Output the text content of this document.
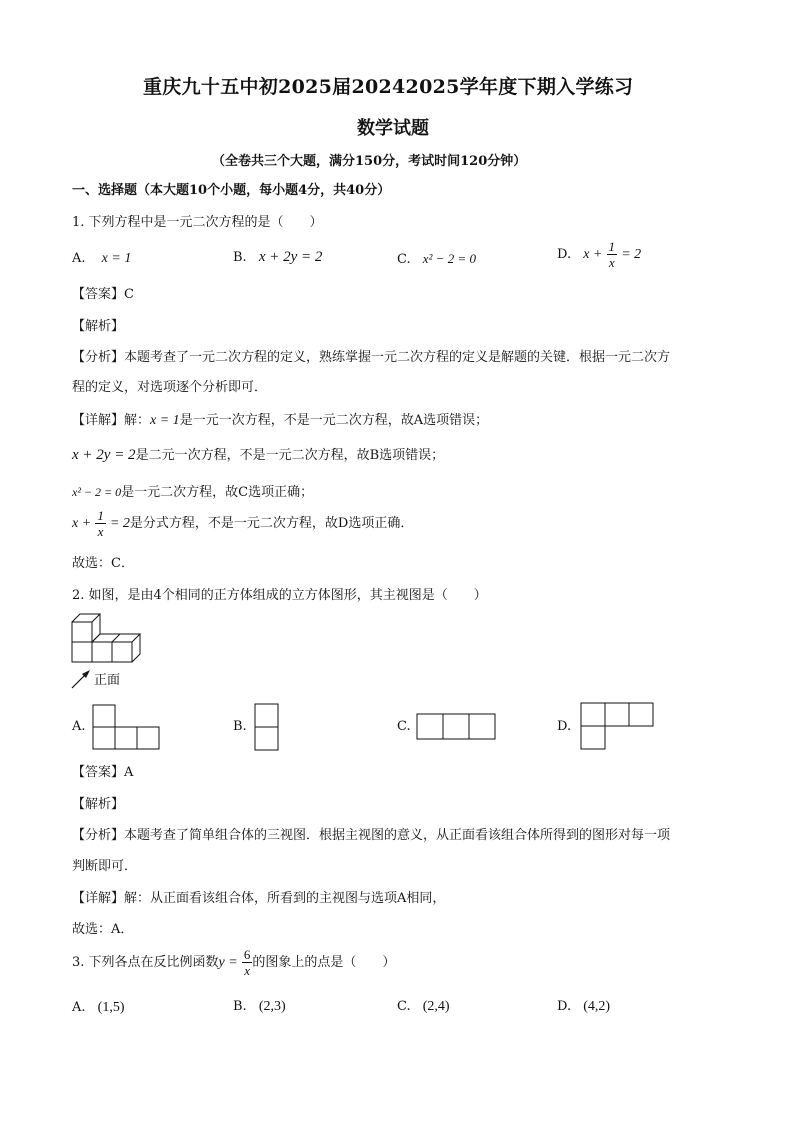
重庆九十五中初2025届20242025学年度下期入学练习
数学试题
（全卷共三个大题，满分150分，考试时间120分钟）
一、选择题（本大题10个小题，每小题4分，共40分）
1. 下列方程中是一元二次方程的是（　　）
A. x = 1	B. x + 2y = 2	C. x² − 2 = 0	D. $x + \frac{1}{x} = 2$
【答案】C
【解析】
【分析】本题考查了一元二次方程的定义，熟练掌握一元二次方程的定义是解题的关键．根据一元二次方
程的定义，对选项逐个分析即可．
【详解】解：x = 1是一元一次方程，不是一元二次方程，故A选项错误；
x + 2y = 2是二元一次方程，不是一元二次方程，故B选项错误；
x² − 2 = 0是一元二次方程，故C选项正确；
$x + \frac{1}{x} = 2$是分式方程，不是一元二次方程，故D选项正确．
故选：C．
2. 如图，是由4个相同的正方体组成的立方体图形，其主视图是（　　）
正面
A.	B.	C.	D.
【答案】A
【解析】
【分析】本题考查了简单组合体的三视图．根据主视图的意义，从正面看该组合体所得到的图形对每一项
判断即可．
【详解】解：从正面看该组合体，所看到的主视图与选项A相同，
故选：A．
3. 下列各点在反比例函数$y = \frac{6}{x}$ 的图象上的点是（　　）
A. (1,5)	B. (2,3)	C. (2,4)	D. (4,2)
